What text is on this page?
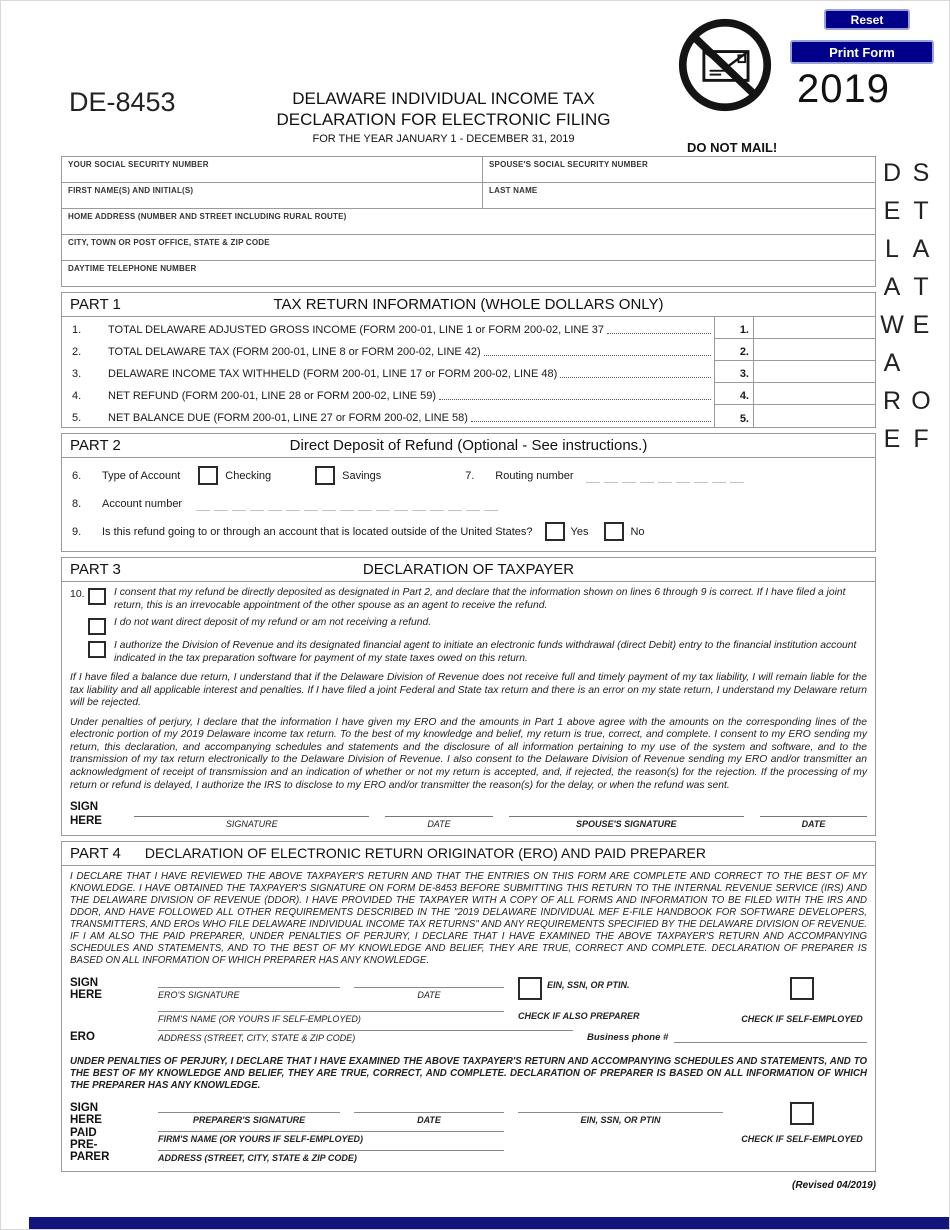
Reset
Print Form
2019
DO NOT MAIL!
DE-8453	DELAWARE INDIVIDUAL INCOME TAX
DECLARATION FOR ELECTRONIC FILING
FOR THE YEAR JANUARY 1 - DECEMBER 31, 2019
STATE OF DELAWARE
YOUR SOCIAL SECURITY NUMBER	SPOUSE'S SOCIAL SECURITY NUMBER
FIRST NAME(S) AND INITIAL(S)	LAST NAME
HOME ADDRESS (NUMBER AND STREET INCLUDING RURAL ROUTE)
CITY, TOWN OR POST OFFICE, STATE & ZIP CODE
DAYTIME TELEPHONE NUMBER
PART 1	TAX RETURN INFORMATION (WHOLE DOLLARS ONLY)
1.	TOTAL DELAWARE ADJUSTED GROSS INCOME (FORM 200-01, LINE 1 or FORM 200-02, LINE 37	1.
2.	TOTAL DELAWARE TAX (FORM 200-01, LINE 8 or FORM 200-02, LINE 42)	2.
3.	DELAWARE INCOME TAX WITHHELD (FORM 200-01, LINE 17 or FORM 200-02, LINE 48)	3.
4.	NET REFUND (FORM 200-01, LINE 28 or FORM 200-02, LINE 59)	4.
5.	NET BALANCE DUE (FORM 200-01, LINE 27 or FORM 200-02, LINE 58)	5.
PART 2	Direct Deposit of Refund (Optional - See instructions.)
6.	Type of Account	Checking	Savings	7.	Routing number
8.	Account number
9.	Is this refund going to or through an account that is located outside of the United States?	Yes	No
PART 3	DECLARATION OF TAXPAYER
10.	I consent that my refund be directly deposited as designated in Part 2, and declare that the information shown on lines 6 through 9 is correct. If I have filed a joint return, this is an irrevocable appointment of the other spouse as an agent to receive the refund.
I do not want direct deposit of my refund or am not receiving a refund.
I authorize the Division of Revenue and its designated financial agent to initiate an electronic funds withdrawal (direct Debit) entry to the financial institution account indicated in the tax preparation software for payment of my state taxes owed on this return.

If I have filed a balance due return, I understand that if the Delaware Division of Revenue does not receive full and timely payment of my tax liability, I will remain liable for the tax liability and all applicable interest and penalties. If I have filed a joint Federal and State tax return and there is an error on my state return, I understand my Delaware return will be rejected.

Under penalties of perjury, I declare that the information I have given my ERO and the amounts in Part 1 above agree with the amounts on the corresponding lines of the electronic portion of my 2019 Delaware income tax return. To the best of my knowledge and belief, my return is true, correct, and complete. I consent to my ERO sending my return, this declaration, and accompanying schedules and statements and the disclosure of all information pertaining to my use of the system and software, and to the transmission of my tax return electronically to the Delaware Division of Revenue. I also consent to the Delaware Division of Revenue sending my ERO and/or transmitter an acknowledgment of receipt of transmission and an indication of whether or not my return is accepted, and, if rejected, the reason(s) for the rejection. If the processing of my return or refund is delayed, I authorize the IRS to disclose to my ERO and/or transmitter the reason(s) for the delay, or when the refund was sent.

SIGN
HERE	SIGNATURE	DATE	SPOUSE'S SIGNATURE	DATE
PART 4 DECLARATION OF ELECTRONIC RETURN ORIGINATOR (ERO) AND PAID PREPARER

I DECLARE THAT I HAVE REVIEWED THE ABOVE TAXPAYER'S RETURN AND THAT THE ENTRIES ON THIS FORM ARE COMPLETE AND CORRECT TO THE BEST OF MY KNOWLEDGE. I HAVE OBTAINED THE TAXPAYER'S SIGNATURE ON FORM DE-8453 BEFORE SUBMITTING THIS RETURN TO THE INTERNAL REVENUE SERVICE (IRS) AND THE DELAWARE DIVISION OF REVENUE (DDOR). I HAVE PROVIDED THE TAXPAYER WITH A COPY OF ALL FORMS AND INFORMATION TO BE FILED WITH THE IRS AND DDOR, AND HAVE FOLLOWED ALL OTHER REQUIREMENTS DESCRIBED IN THE "2019 DELAWARE INDIVIDUAL MEF E-FILE HANDBOOK FOR SOFTWARE DEVELOPERS, TRANSMITTERS, AND EROs WHO FILE DELAWARE INDIVIDUAL INCOME TAX RETURNS" AND ANY REQUIREMENTS SPECIFIED BY THE DELAWARE DIVISION OF REVENUE. IF I AM ALSO THE PAID PREPARER, UNDER PENALTIES OF PERJURY, I DECLARE THAT I HAVE EXAMINED THE ABOVE TAXPAYER'S RETURN AND ACCOMPANYING SCHEDULES AND STATEMENTS, AND TO THE BEST OF MY KNOWLEDGE AND BELIEF, THEY ARE TRUE, CORRECT AND COMPLETE. DECLARATION OF PREPARER IS BASED ON ALL INFORMATION OF WHICH PREPARER HAS ANY KNOWLEDGE.

SIGN
HERE
ERO
ERO'S SIGNATURE	DATE
EIN, SSN, OR PTIN.
FIRM'S NAME (OR YOURS IF SELF-EMPLOYED)	CHECK IF ALSO PREPARER	CHECK IF SELF-EMPLOYED
ADDRESS (STREET, CITY, STATE & ZIP CODE)	Business phone #

UNDER PENALTIES OF PERJURY, I DECLARE THAT I HAVE EXAMINED THE ABOVE TAXPAYER'S RETURN AND ACCOMPANYING SCHEDULES AND STATEMENTS, AND TO THE BEST OF MY KNOWLEDGE AND BELIEF, THEY ARE TRUE, CORRECT, AND COMPLETE. DECLARATION OF PREPARER IS BASED ON ALL INFORMATION OF WHICH THE PREPARER HAS ANY KNOWLEDGE.

SIGN
HERE
PAID
PRE-
PARER
PREPARER'S SIGNATURE	DATE	EIN, SSN, OR PTIN
FIRM'S NAME (OR YOURS IF SELF-EMPLOYED)	CHECK IF SELF-EMPLOYED
ADDRESS (STREET, CITY, STATE & ZIP CODE)
(Revised 04/2019)
